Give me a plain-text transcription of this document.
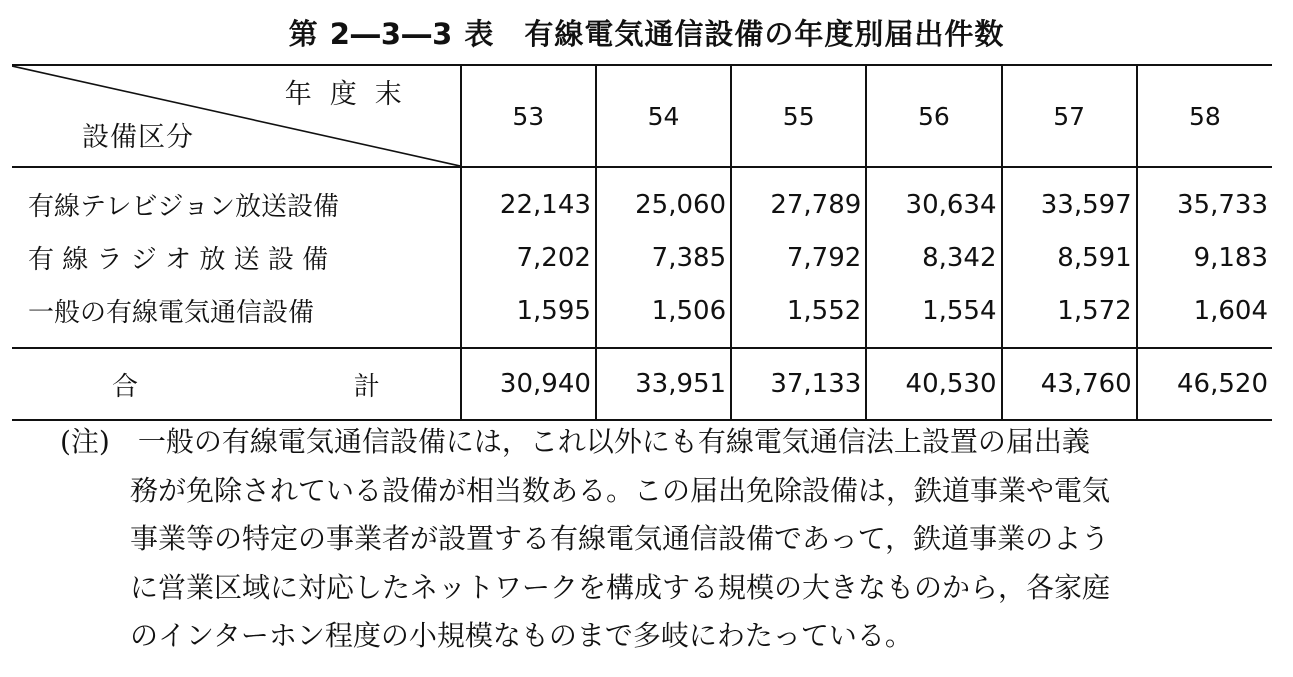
第 2―3―3 表　有線電気通信設備の年度別届出件数
年度末
設備区分	53	54	55	56	57	58
有線テレビジョン放送設備	22,143	25,060	27,789	30,634	33,597	35,733
有 線 ラ ジ オ 放 送 設 備	7,202	7,385	7,792	8,342	8,591	9,183
一般の有線電気通信設備	1,595	1,506	1,552	1,554	1,572	1,604

合 計	30,940	33,951	37,133	40,530	43,760	46,520
(注)　 一般の有線電気通信設備には，これ以外にも有線電気通信法上設置の届出義
務が免除されている設備が相当数ある。この届出免除設備は，鉄道事業や電気
事業等の特定の事業者が設置する有線電気通信設備であって，鉄道事業のよう
に営業区域に対応したネットワークを構成する規模の大きなものから，各家庭
のインターホン程度の小規模なものまで多岐にわたっている。
